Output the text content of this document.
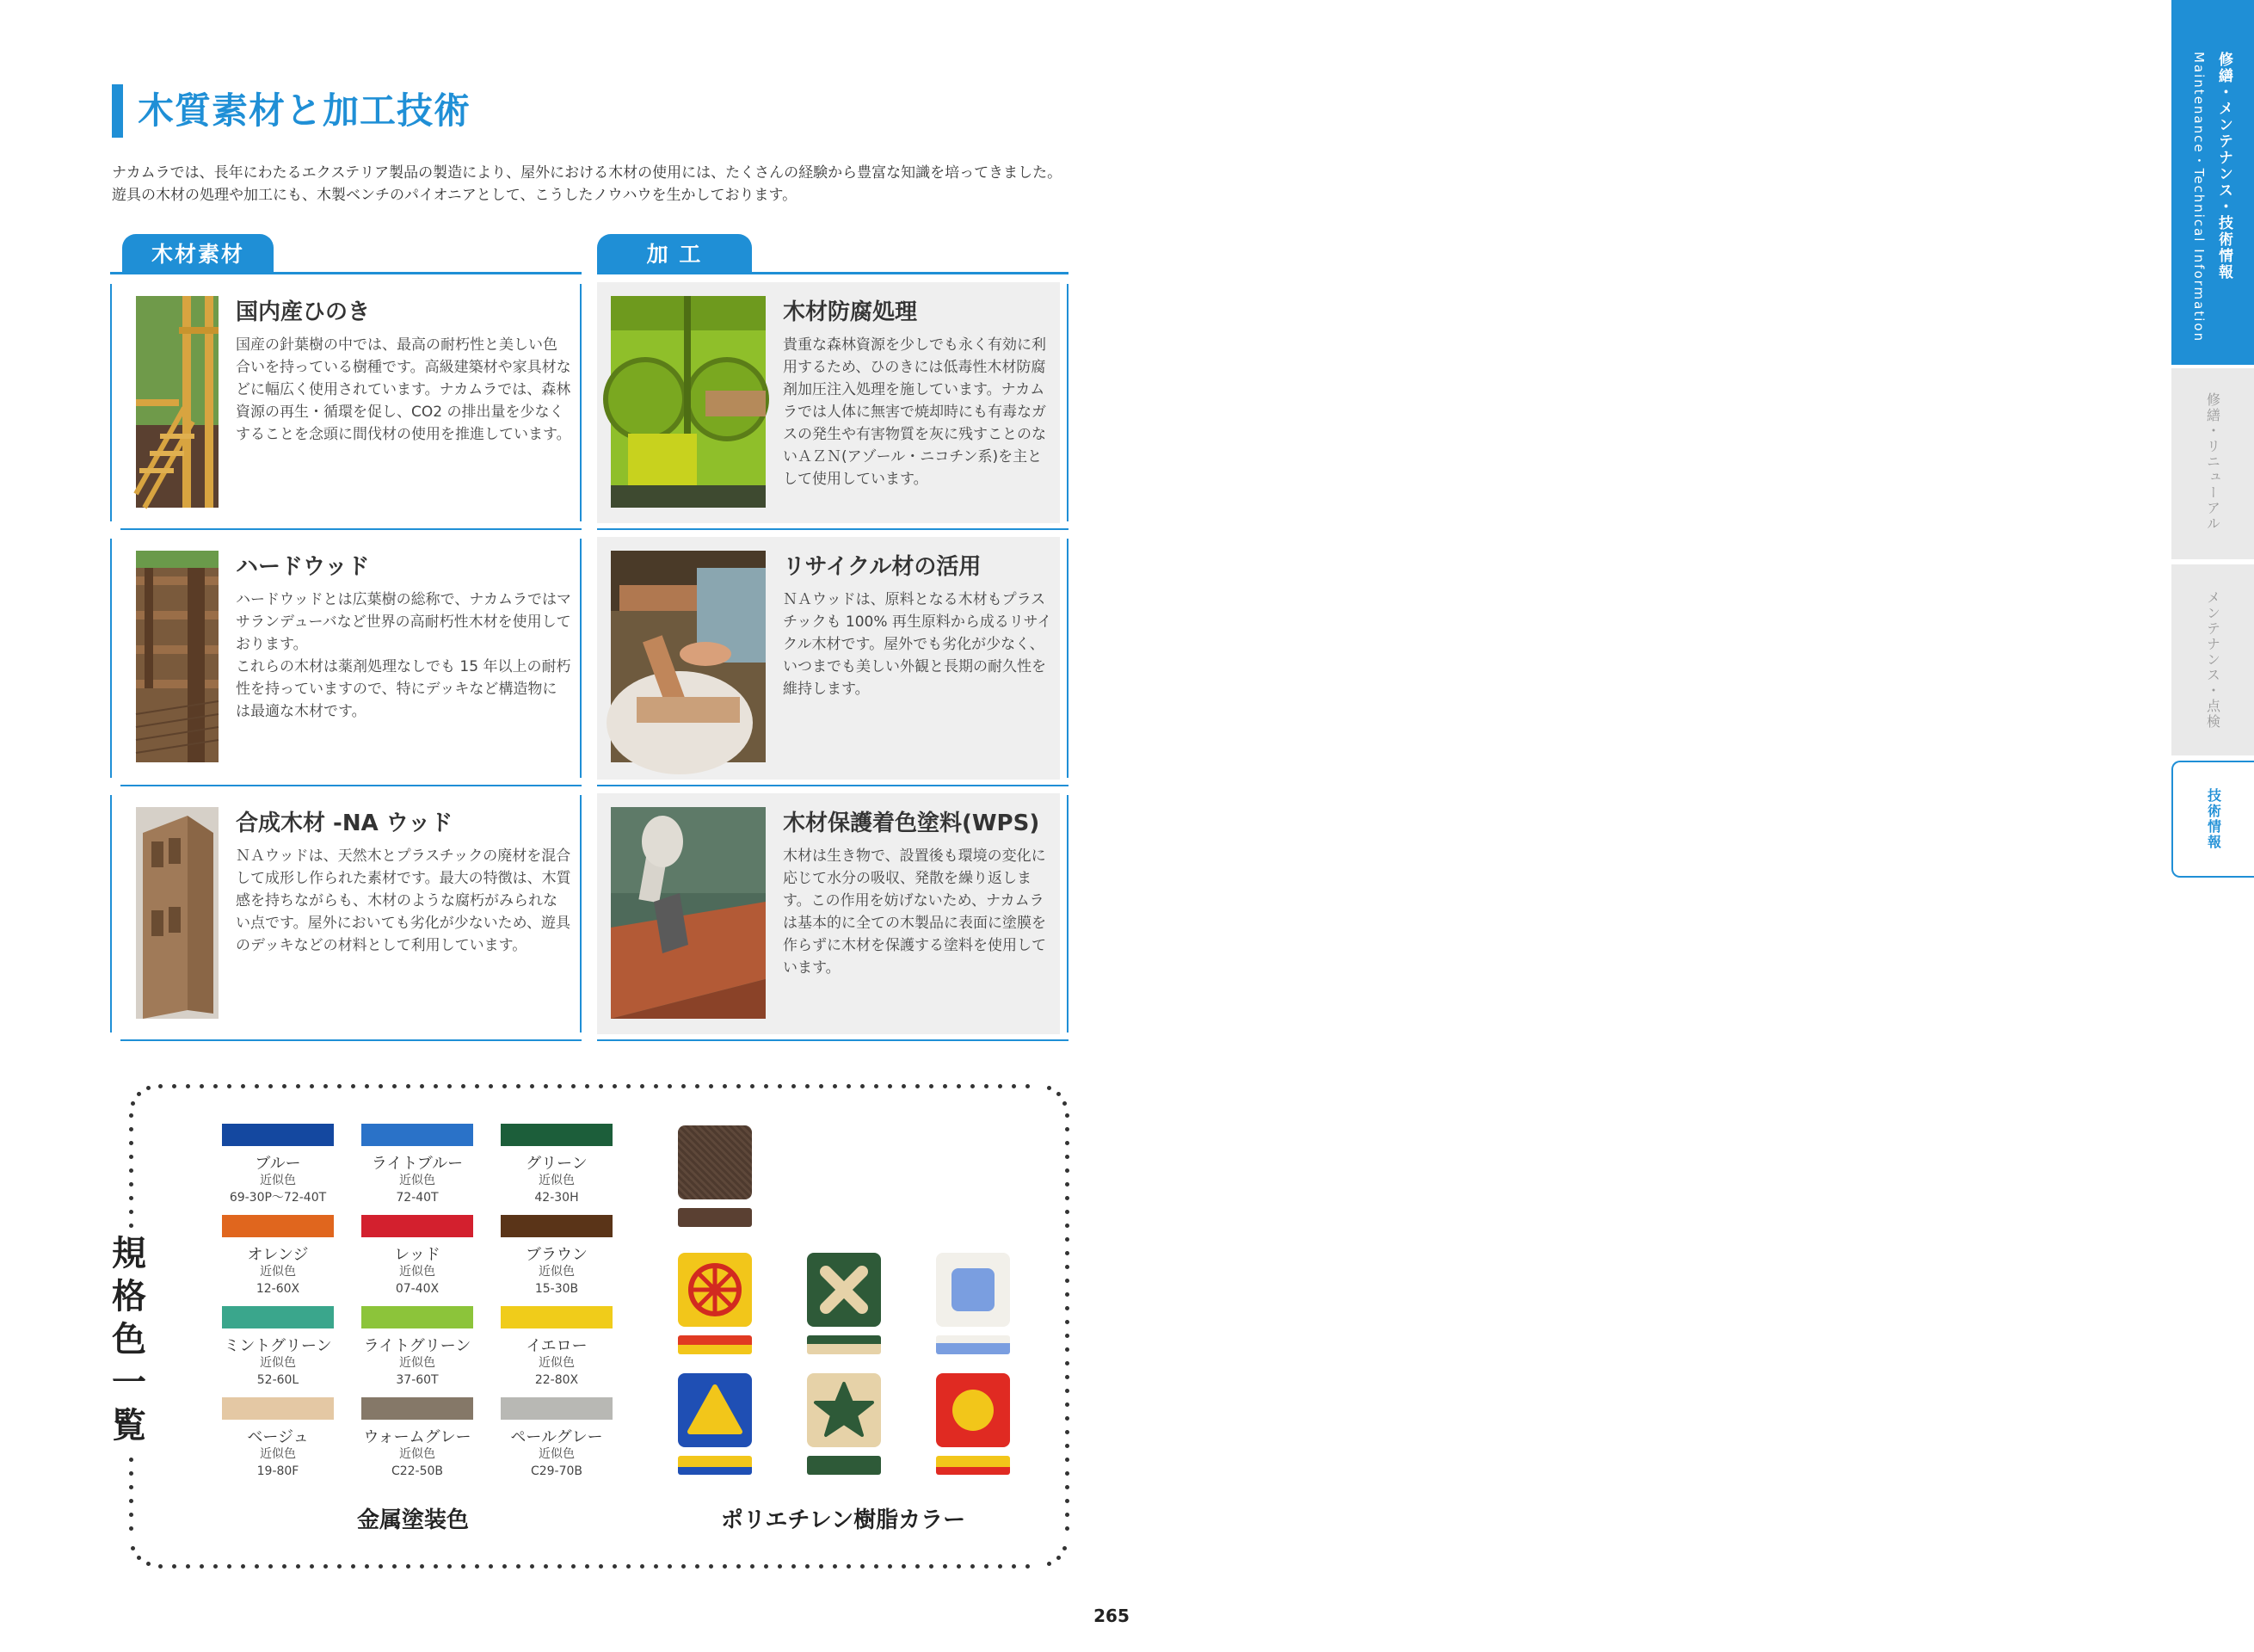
修繕・メンテナンス・技術情報
Maintenance・Technical Information
修繕・リニューアル
メンテナンス・点検
技術情報
木質素材と加工技術
ナカムラでは、長年にわたるエクステリア製品の製造により、屋外における木材の使用には、たくさんの経験から豊富な知識を培ってきました。遊具の木材の処理や加工にも、木製ベンチのパイオニアとして、こうしたノウハウを生かしております。
木材素材	加 工
国内産ひのき
国産の針葉樹の中では、最高の耐朽性と美しい色合いを持っている樹種です。高級建築材や家具材などに幅広く使用されています。ナカムラでは、森林資源の再生・循環を促し、CO2 の排出量を少なくすることを念頭に間伐材の使用を推進しています。
木材防腐処理
貴重な森林資源を少しでも永く有効に利用するため、ひのきには低毒性木材防腐剤加圧注入処理を施しています。ナカムラでは人体に無害で焼却時にも有毒なガスの発生や有害物質を灰に残すことのないＡＺＮ(アゾール・ニコチン系)を主として使用しています。
ハードウッド
ハードウッドとは広葉樹の総称で、ナカムラではマサランデューバなど世界の高耐朽性木材を使用しております。
これらの木材は薬剤処理なしでも 15 年以上の耐朽性を持っていますので、特にデッキなど構造物には最適な木材です。
リサイクル材の活用
ＮＡウッドは、原料となる木材もプラスチックも 100% 再生原料から成るリサイクル木材です。屋外でも劣化が少なく、いつまでも美しい外観と長期の耐久性を維持します。
合成木材 -NA ウッド
ＮＡウッドは、天然木とプラスチックの廃材を混合して成形し作られた素材です。最大の特徴は、木質感を持ちながらも、木材のような腐朽がみられない点です。屋外においても劣化が少ないため、遊具のデッキなどの材料として利用しています。
木材保護着色塗料(WPS)
木材は生き物で、設置後も環境の変化に応じて水分の吸収、発散を繰り返します。この作用を妨げないため、ナカムラは基本的に全ての木製品に表面に塗膜を作らずに木材を保護する塗料を使用しています。
金属塗装色	ポリエチレン樹脂カラー
265
規格色一覧
ブルー
近似色
69-30P～72-40T
ライトブルー
近似色
72-40T
グリーン
近似色
42-30H
オレンジ
近似色
12-60X
レッド
近似色
07-40X
ブラウン
近似色
15-30B
ミントグリーン
近似色
52-60L
ライトグリーン
近似色
37-60T
イエロー
近似色
22-80X
ベージュ
近似色
19-80F
ウォームグレー
近似色
C22-50B
ペールグレー
近似色
C29-70B
